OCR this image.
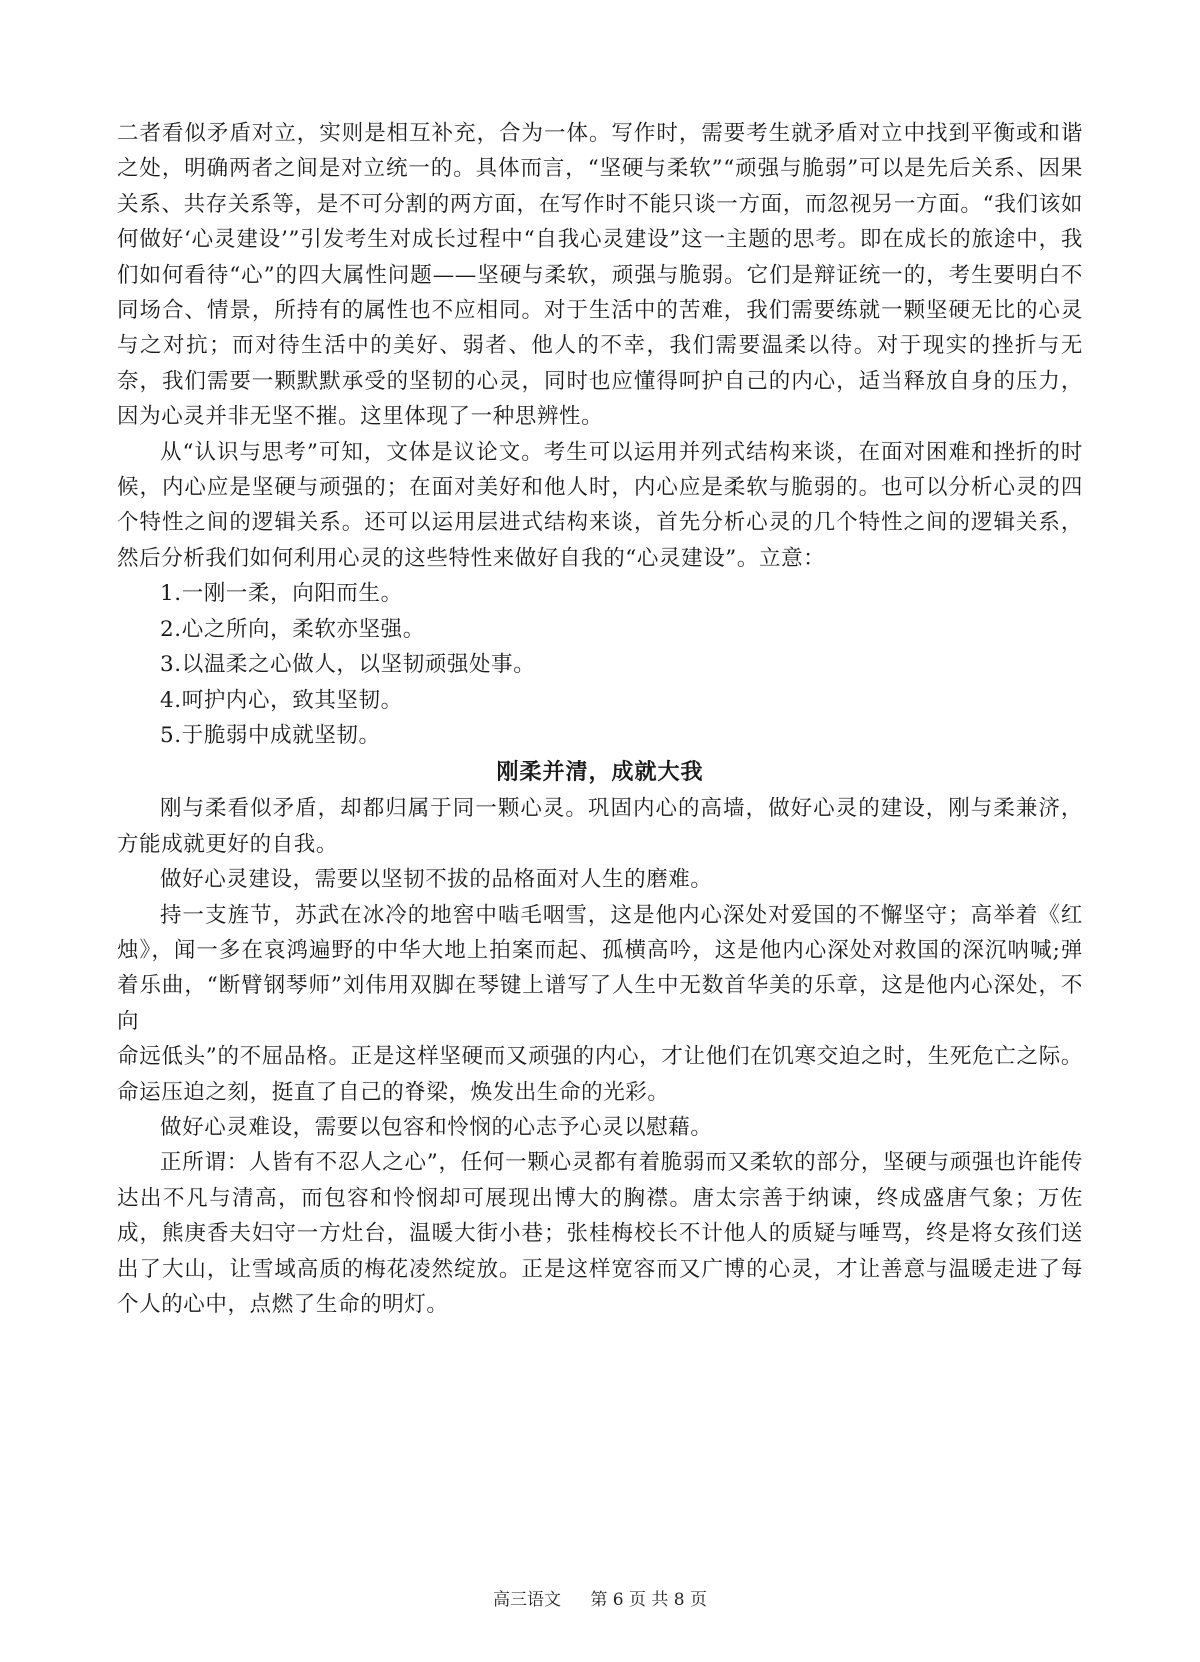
二者看似矛盾对立，实则是相互补充，合为一体。写作时，需要考生就矛盾对立中找到平衡或和谐之处，明确两者之间是对立统一的。具体而言，“坚硬与柔软”“顽强与脆弱”可以是先后关系、因果关系、共存关系等，是不可分割的两方面，在写作时不能只谈一方面，而忽视另一方面。“我们该如何做好‘心灵建设’”引发考生对成长过程中“自我心灵建设”这一主题的思考。即在成长的旅途中，我们如何看待“心”的四大属性问题——坚硬与柔软，顽强与脆弱。它们是辩证统一的，考生要明白不同场合、情景，所持有的属性也不应相同。对于生活中的苦难，我们需要练就一颗坚硬无比的心灵与之对抗；而对待生活中的美好、弱者、他人的不幸，我们需要温柔以待。对于现实的挫折与无奈，我们需要一颗默默承受的坚韧的心灵，同时也应懂得呵护自己的内心，适当释放自身的压力，因为心灵并非无坚不摧。这里体现了一种思辨性。

从“认识与思考”可知，文体是议论文。考生可以运用并列式结构来谈，在面对困难和挫折的时候，内心应是坚硬与顽强的；在面对美好和他人时，内心应是柔软与脆弱的。也可以分析心灵的四个特性之间的逻辑关系。还可以运用层进式结构来谈，首先分析心灵的几个特性之间的逻辑关系，然后分析我们如何利用心灵的这些特性来做好自我的“心灵建设”。立意：

1.一刚一柔，向阳而生。

2.心之所向，柔软亦坚强。

3.以温柔之心做人，以坚韧顽强处事。

4.呵护内心，致其坚韧。

5.于脆弱中成就坚韧。

刚柔并清，成就大我

刚与柔看似矛盾，却都归属于同一颗心灵。巩固内心的高墙，做好心灵的建设，刚与柔兼济，方能成就更好的自我。

做好心灵建设，需要以坚韧不拔的品格面对人生的磨难。

持一支旌节，苏武在冰冷的地窖中啮毛咽雪，这是他内心深处对爱国的不懈坚守；高举着《红烛》，闻一多在哀鸿遍野的中华大地上拍案而起、孤横高吟，这是他内心深处对救国的深沉呐喊;弹着乐曲，“断臂钢琴师”刘伟用双脚在琴键上谱写了人生中无数首华美的乐章，这是他内心深处，不向

命远低头”的不屈品格。正是这样坚硬而又顽强的内心，才让他们在饥寒交迫之时，生死危亡之际。命运压迫之刻，挺直了自己的脊梁，焕发出生命的光彩。

做好心灵难设，需要以包容和怜悯的心志予心灵以慰藉。

正所谓：人皆有不忍人之心”，任何一颗心灵都有着脆弱而又柔软的部分，坚硬与顽强也许能传达出不凡与清高，而包容和怜悯却可展现出博大的胸襟。唐太宗善于纳谏，终成盛唐气象；万佐成，熊庚香夫妇守一方灶台，温暖大街小巷；张桂梅校长不计他人的质疑与唾骂，终是将女孩们送出了大山，让雪域高质的梅花凌然绽放。正是这样宽容而又广博的心灵，才让善意与温暖走进了每个人的心中，点燃了生命的明灯。

高三语文 第 6 页 共 8 页
